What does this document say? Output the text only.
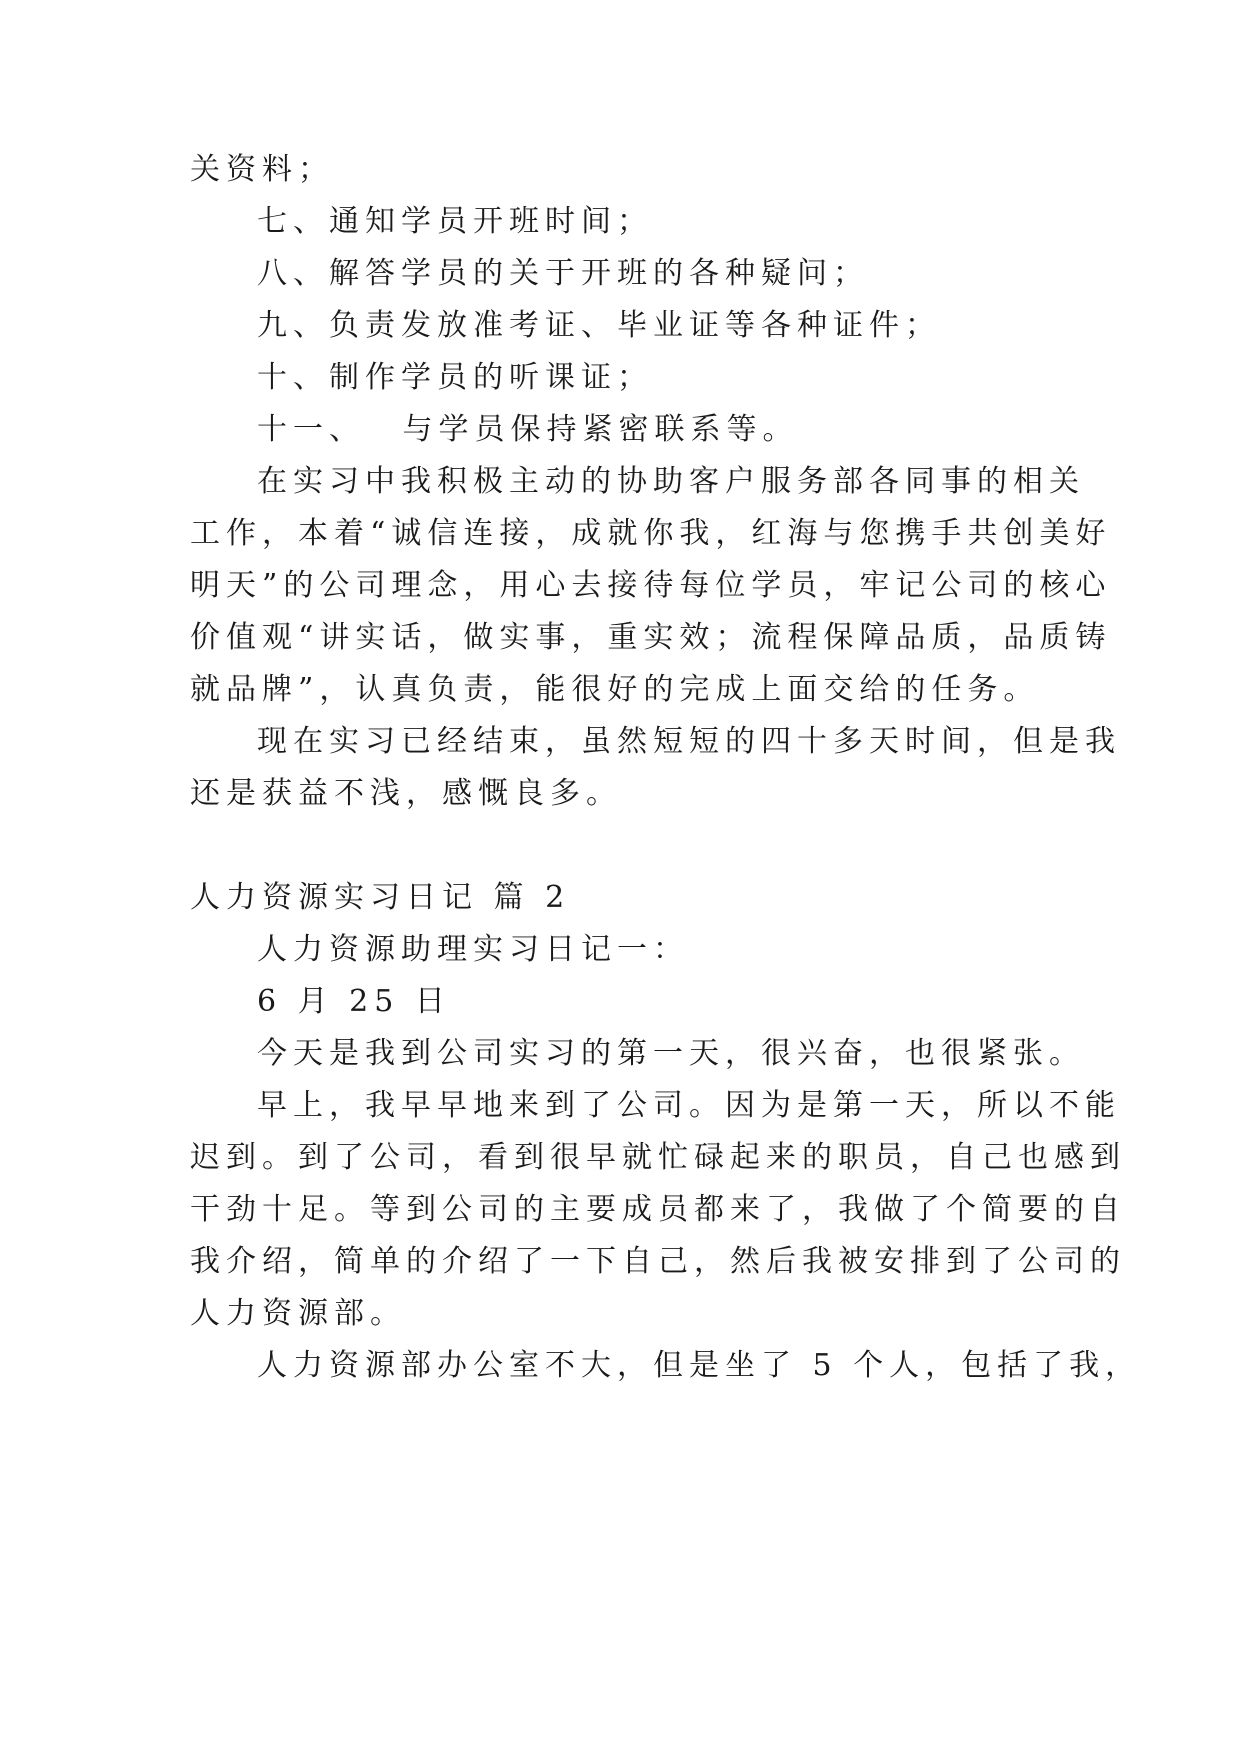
关资料；
七、通知学员开班时间；
八、解答学员的关于开班的各种疑问；
九、负责发放准考证、毕业证等各种证件；
十、制作学员的听课证；
十一、 与学员保持紧密联系等。
在实习中我积极主动的协助客户服务部各同事的相关
工作，本着“诚信连接，成就你我，红海与您携手共创美好
明天”的公司理念，用心去接待每位学员，牢记公司的核心
价值观“讲实话，做实事，重实效；流程保障品质，品质铸
就品牌”，认真负责，能很好的完成上面交给的任务。
现在实习已经结束，虽然短短的四十多天时间，但是我
还是获益不浅，感慨良多。
人力资源实习日记 篇 2
人力资源助理实习日记一：
6 月 25 日
今天是我到公司实习的第一天，很兴奋，也很紧张。
早上，我早早地来到了公司。因为是第一天，所以不能
迟到。到了公司，看到很早就忙碌起来的职员，自己也感到
干劲十足。等到公司的主要成员都来了，我做了个简要的自
我介绍，简单的介绍了一下自己，然后我被安排到了公司的
人力资源部。
人力资源部办公室不大，但是坐了 5 个人，包括了我，
